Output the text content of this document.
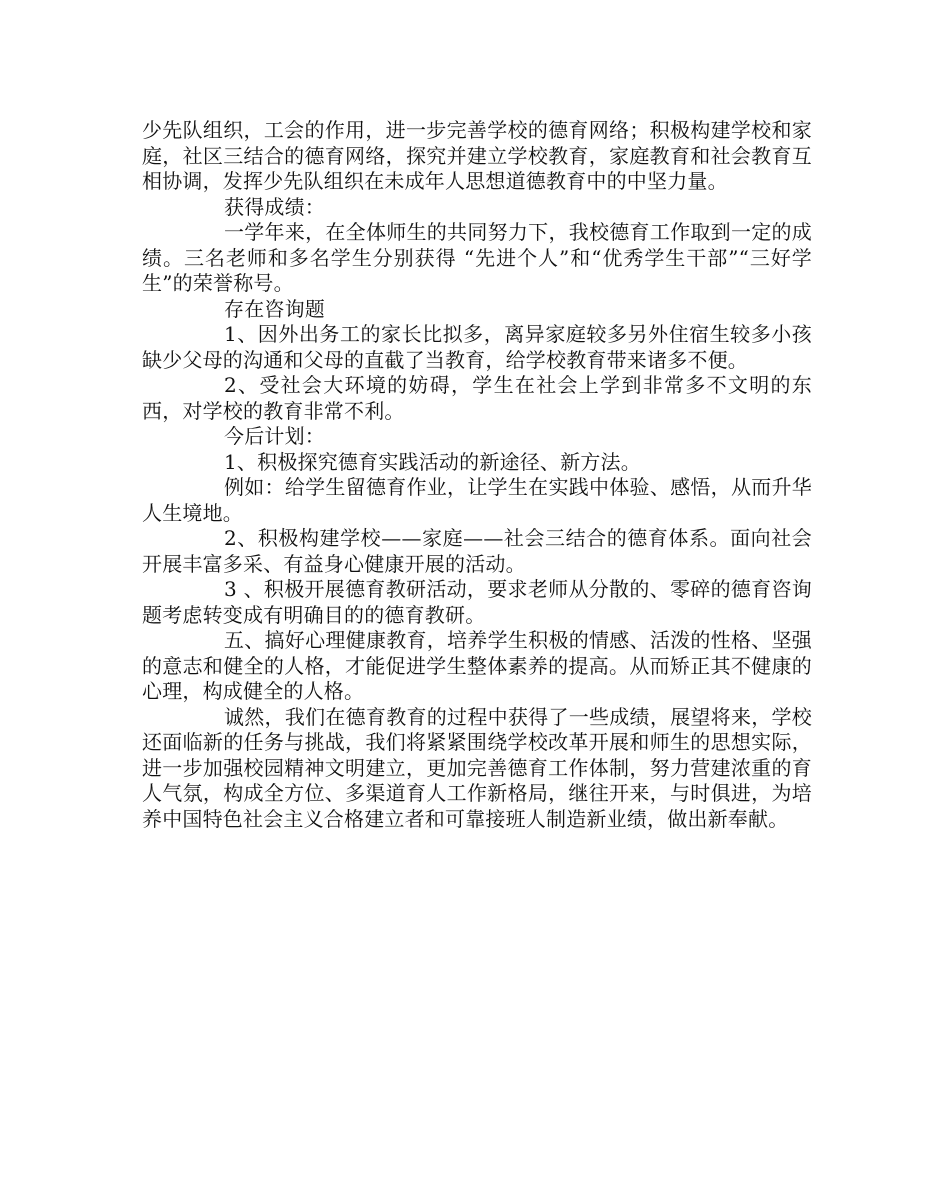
少先队组织，工会的作用，进一步完善学校的德育网络；积极构建学校和家庭，社区三结合的德育网络，探究并建立学校教育，家庭教育和社会教育互相协调，发挥少先队组织在未成年人思想道德教育中的中坚力量。

获得成绩：

一学年来，在全体师生的共同努力下，我校德育工作取到一定的成绩。三名老师和多名学生分别获得 “先进个人”和“优秀学生干部”“三好学生”的荣誉称号。

存在咨询题

1、因外出务工的家长比拟多，离异家庭较多另外住宿生较多小孩缺少父母的沟通和父母的直截了当教育，给学校教育带来诸多不便。

2、受社会大环境的妨碍，学生在社会上学到非常多不文明的东西，对学校的教育非常不利。

今后计划：

1、积极探究德育实践活动的新途径、新方法。

例如：给学生留德育作业，让学生在实践中体验、感悟，从而升华人生境地。

2、积极构建学校——家庭——社会三结合的德育体系。面向社会开展丰富多采、有益身心健康开展的活动。

3 、积极开展德育教研活动，要求老师从分散的、零碎的德育咨询题考虑转变成有明确目的的德育教研。

五、搞好心理健康教育，培养学生积极的情感、活泼的性格、坚强的意志和健全的人格，才能促进学生整体素养的提高。从而矫正其不健康的心理，构成健全的人格。

诚然，我们在德育教育的过程中获得了一些成绩，展望将来，学校还面临新的任务与挑战，我们将紧紧围绕学校改革开展和师生的思想实际，进一步加强校园精神文明建立，更加完善德育工作体制，努力营建浓重的育人气氛，构成全方位、多渠道育人工作新格局，继往开来，与时俱进，为培养中国特色社会主义合格建立者和可靠接班人制造新业绩，做出新奉献。
